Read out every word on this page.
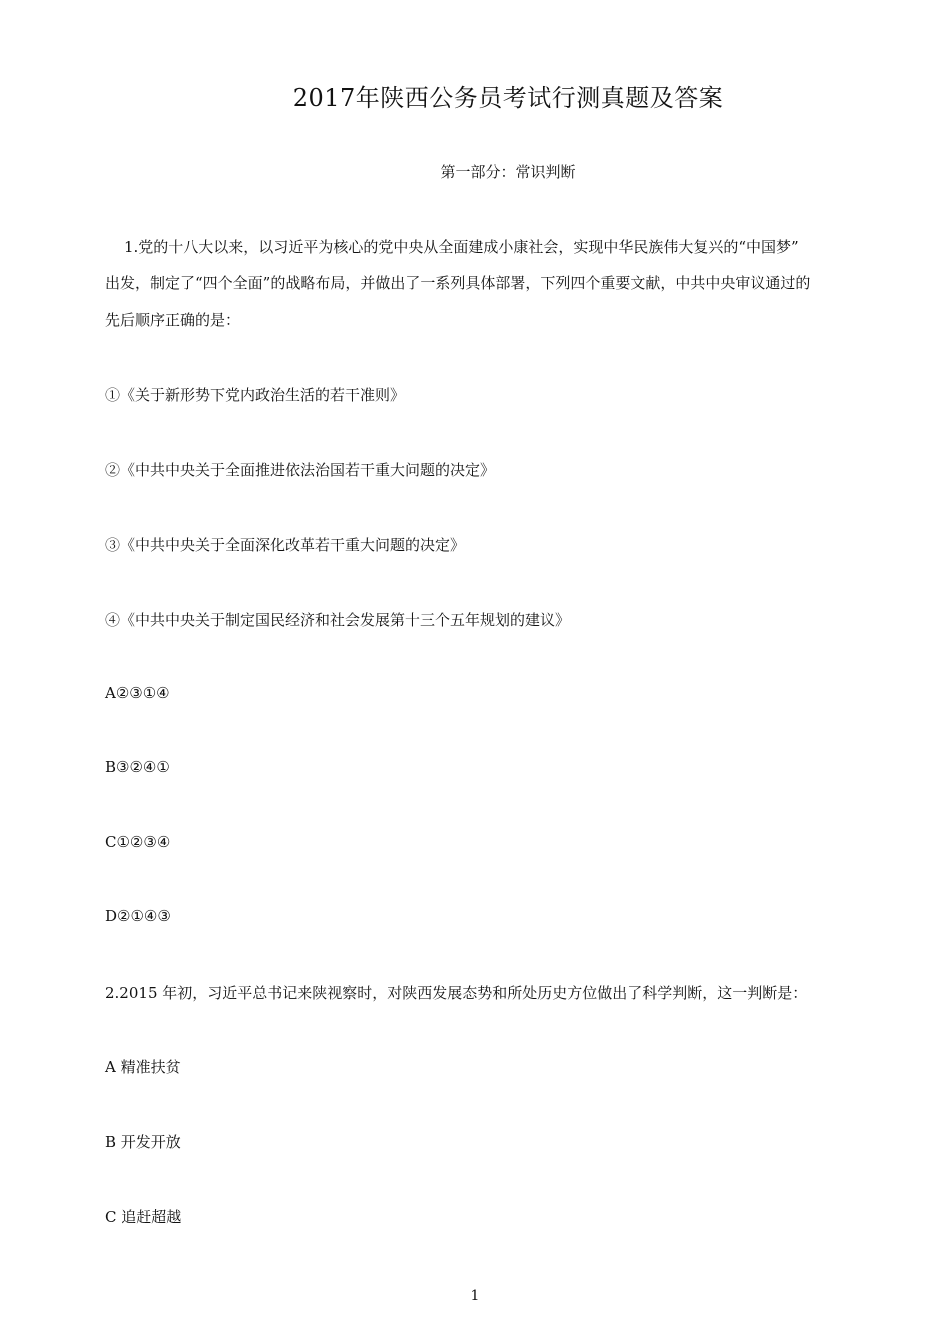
2017年陕西公务员考试行测真题及答案
第一部分：常识判断

1.党的十八大以来，以习近平为核心的党中央从全面建成小康社会，实现中华民族伟大复兴的“中国梦”

出发，制定了“四个全面”的战略布局，并做出了一系列具体部署，下列四个重要文献，中共中央审议通过的

先后顺序正确的是：

①《关于新形势下党内政治生活的若干准则》

②《中共中央关于全面推进依法治国若干重大问题的决定》

③《中共中央关于全面深化改革若干重大问题的决定》

④《中共中央关于制定国民经济和社会发展第十三个五年规划的建议》

A②③①④

B③②④①

C①②③④

D②①④③

2.2015 年初，习近平总书记来陕视察时，对陕西发展态势和所处历史方位做出了科学判断，这一判断是：

A 精准扶贫

B 开发开放

C 追赶超越

1
